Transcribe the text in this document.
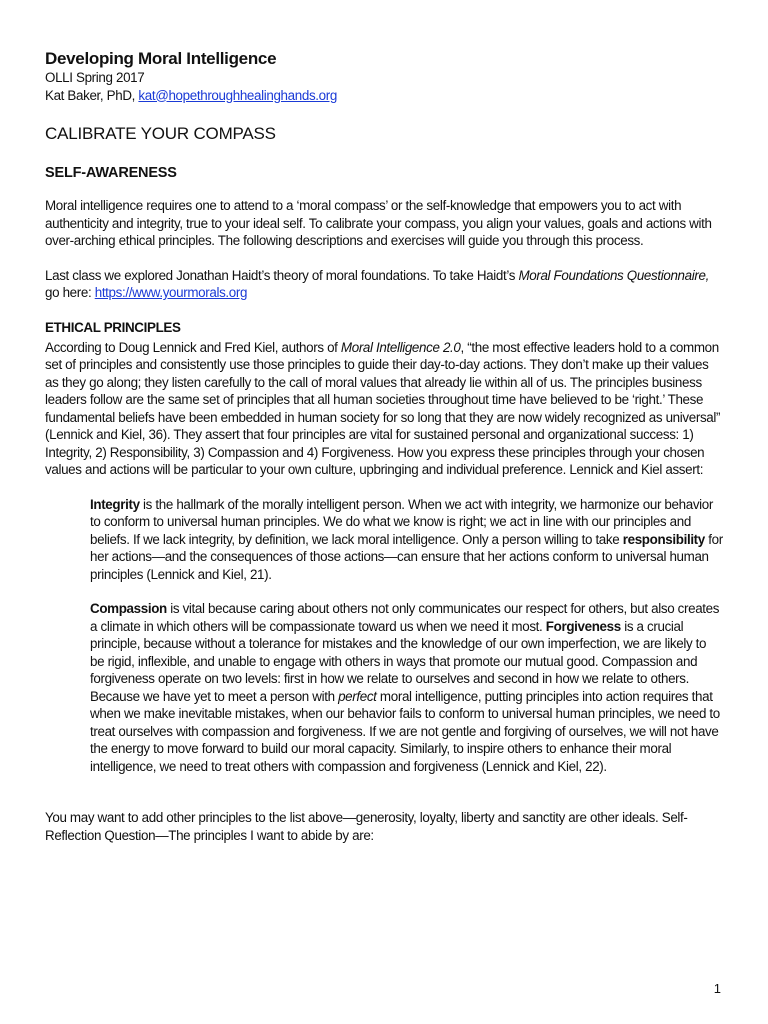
Developing Moral Intelligence

OLLI Spring 2017

Kat Baker, PhD, kat@hopethroughhealinghands.org

CALIBRATE YOUR COMPASS
SELF-AWARENESS

Moral intelligence requires one to attend to a ‘moral compass’ or the self-knowledge that empowers you to act with authenticity and integrity, true to your ideal self. To calibrate your compass, you align your values, goals and actions with over-arching ethical principles. The following descriptions and exercises will guide you through this process.

Last class we explored Jonathan Haidt’s theory of moral foundations. To take Haidt’s Moral Foundations Questionnaire, go here: https://www.yourmorals.org

ETHICAL PRINCIPLES

According to Doug Lennick and Fred Kiel, authors of Moral Intelligence 2.0, “the most effective leaders hold to a common set of principles and consistently use those principles to guide their day-to-day actions. They don’t make up their values as they go along; they listen carefully to the call of moral values that already lie within all of us. The principles business leaders follow are the same set of principles that all human societies throughout time have believed to be ‘right.’ These fundamental beliefs have been embedded in human society for so long that they are now widely recognized as universal” (Lennick and Kiel, 36). They assert that four principles are vital for sustained personal and organizational success: 1) Integrity, 2) Responsibility, 3) Compassion and 4) Forgiveness. How you express these principles through your chosen values and actions will be particular to your own culture, upbringing and individual preference. Lennick and Kiel assert:

Integrity is the hallmark of the morally intelligent person. When we act with integrity, we harmonize our behavior to conform to universal human principles. We do what we know is right; we act in line with our principles and beliefs. If we lack integrity, by definition, we lack moral intelligence. Only a person willing to take responsibility for her actions—and the consequences of those actions—can ensure that her actions conform to universal human principles (Lennick and Kiel, 21).

Compassion is vital because caring about others not only communicates our respect for others, but also creates a climate in which others will be compassionate toward us when we need it most. Forgiveness is a crucial principle, because without a tolerance for mistakes and the knowledge of our own imperfection, we are likely to be rigid, inflexible, and unable to engage with others in ways that promote our mutual good. Compassion and forgiveness operate on two levels: first in how we relate to ourselves and second in how we relate to others. Because we have yet to meet a person with perfect moral intelligence, putting principles into action requires that when we make inevitable mistakes, when our behavior fails to conform to universal human principles, we need to treat ourselves with compassion and forgiveness. If we are not gentle and forgiving of ourselves, we will not have the energy to move forward to build our moral capacity. Similarly, to inspire others to enhance their moral intelligence, we need to treat others with compassion and forgiveness (Lennick and Kiel, 22).

You may want to add other principles to the list above—generosity, loyalty, liberty and sanctity are other ideals. Self-Reflection Question—The principles I want to abide by are:

1
